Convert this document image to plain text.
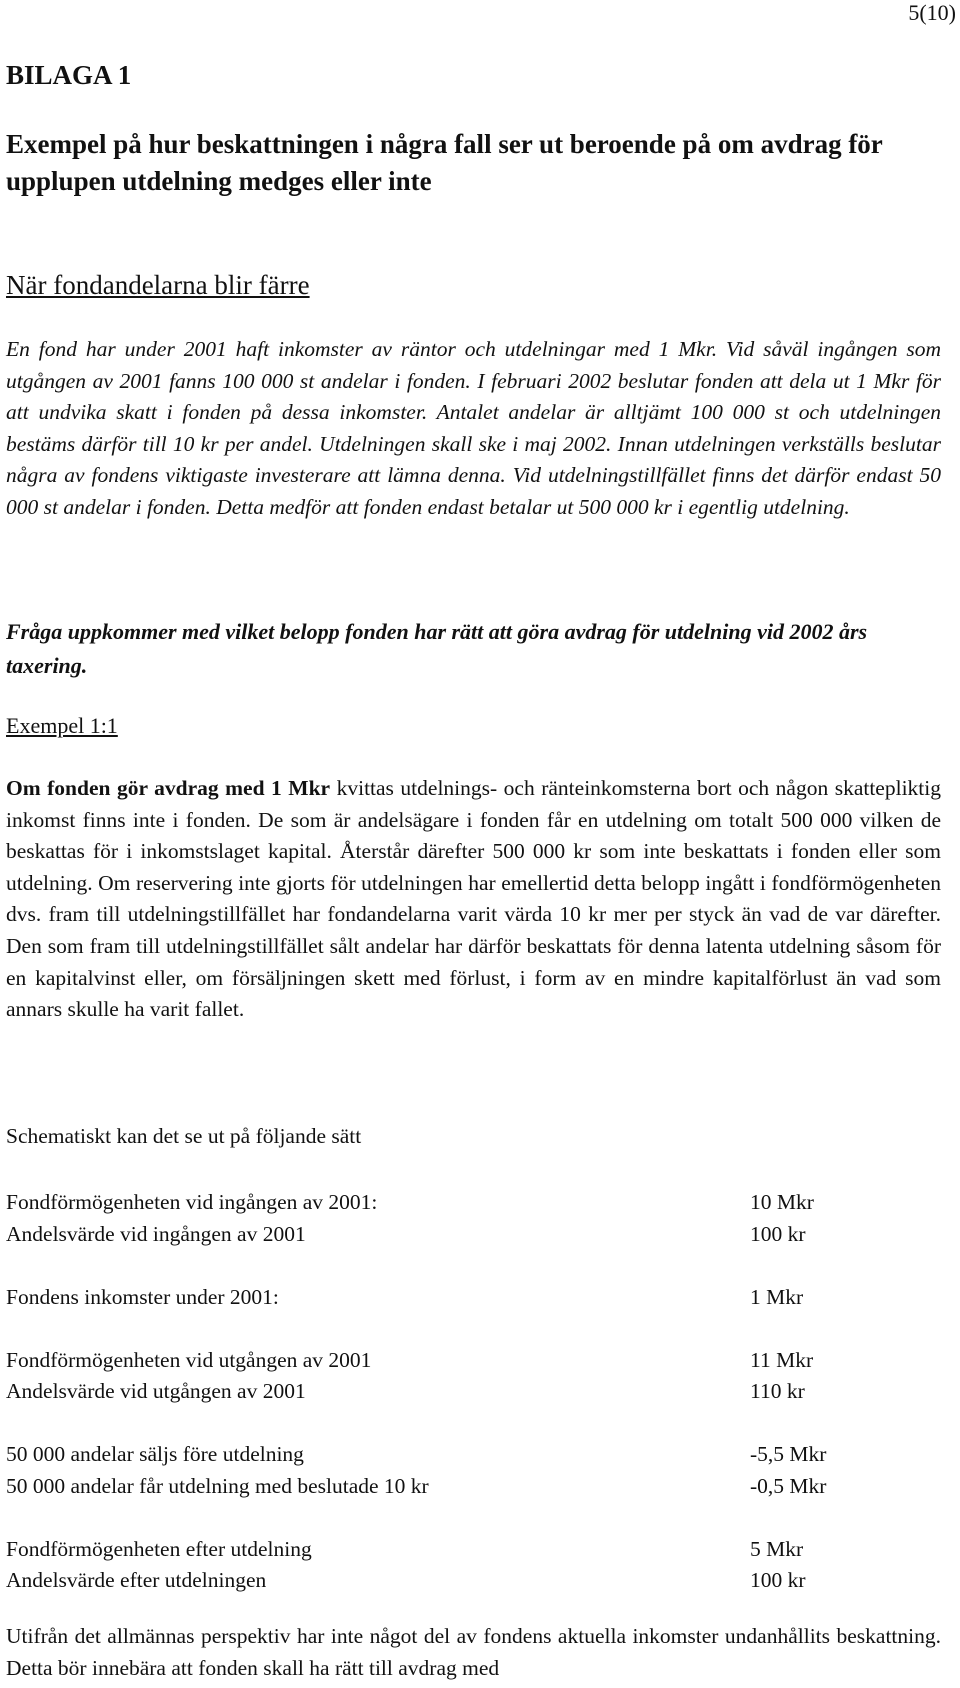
5(10)
BILAGA 1
Exempel på hur beskattningen i några fall ser ut beroende på om avdrag för upplupen utdelning medges eller inte
När fondandelarna blir färre
En fond har under 2001 haft inkomster av räntor och utdelningar med 1 Mkr. Vid såväl ingången som utgången av 2001 fanns 100 000 st andelar i fonden. I februari 2002 beslutar fonden att dela ut 1 Mkr för att undvika skatt i fonden på dessa inkomster. Antalet andelar är alltjämt 100 000 st och utdelningen bestäms därför till 10 kr per andel. Utdelningen skall ske i maj 2002. Innan utdelningen verkställs beslutar några av fondens viktigaste investerare att lämna denna. Vid utdelningstillfället finns det därför endast 50 000 st andelar i fonden. Detta medför att fonden endast betalar ut 500 000 kr i egentlig utdelning.
Fråga uppkommer med vilket belopp fonden har rätt att göra avdrag för utdelning vid 2002 års taxering.
Exempel 1:1
Om fonden gör avdrag med 1 Mkr kvittas utdelnings- och ränteinkomsterna bort och någon skattepliktig inkomst finns inte i fonden. De som är andelsägare i fonden får en utdelning om totalt 500 000 vilken de beskattas för i inkomstslaget kapital. Återstår därefter 500 000 kr som inte beskattats i fonden eller som utdelning. Om reservering inte gjorts för utdelningen har emellertid detta belopp ingått i fondförmögenheten dvs. fram till utdelningstillfället har fondandelarna varit värda 10 kr mer per styck än vad de var därefter. Den som fram till utdelningstillfället sålt andelar har därför beskattats för denna latenta utdelning såsom för en kapitalvinst eller, om försäljningen skett med förlust, i form av en mindre kapitalförlust än vad som annars skulle ha varit fallet.
Schematiskt kan det se ut på följande sätt
Fondförmögenheten vid ingången av 2001:	10 Mkr
Andelsvärde vid ingången av 2001	100 kr
Fondens inkomster under 2001:	1 Mkr
Fondförmögenheten vid utgången av 2001	11 Mkr
Andelsvärde vid utgången av 2001	110 kr
50 000 andelar säljs före utdelning	-5,5 Mkr
50 000 andelar får utdelning med beslutade 10 kr	-0,5 Mkr
Fondförmögenheten efter utdelning	5 Mkr
Andelsvärde efter utdelningen	100 kr
Utifrån det allmännas perspektiv har inte något del av fondens aktuella inkomster undanhållits beskattning. Detta bör innebära att fonden skall ha rätt till avdrag med
